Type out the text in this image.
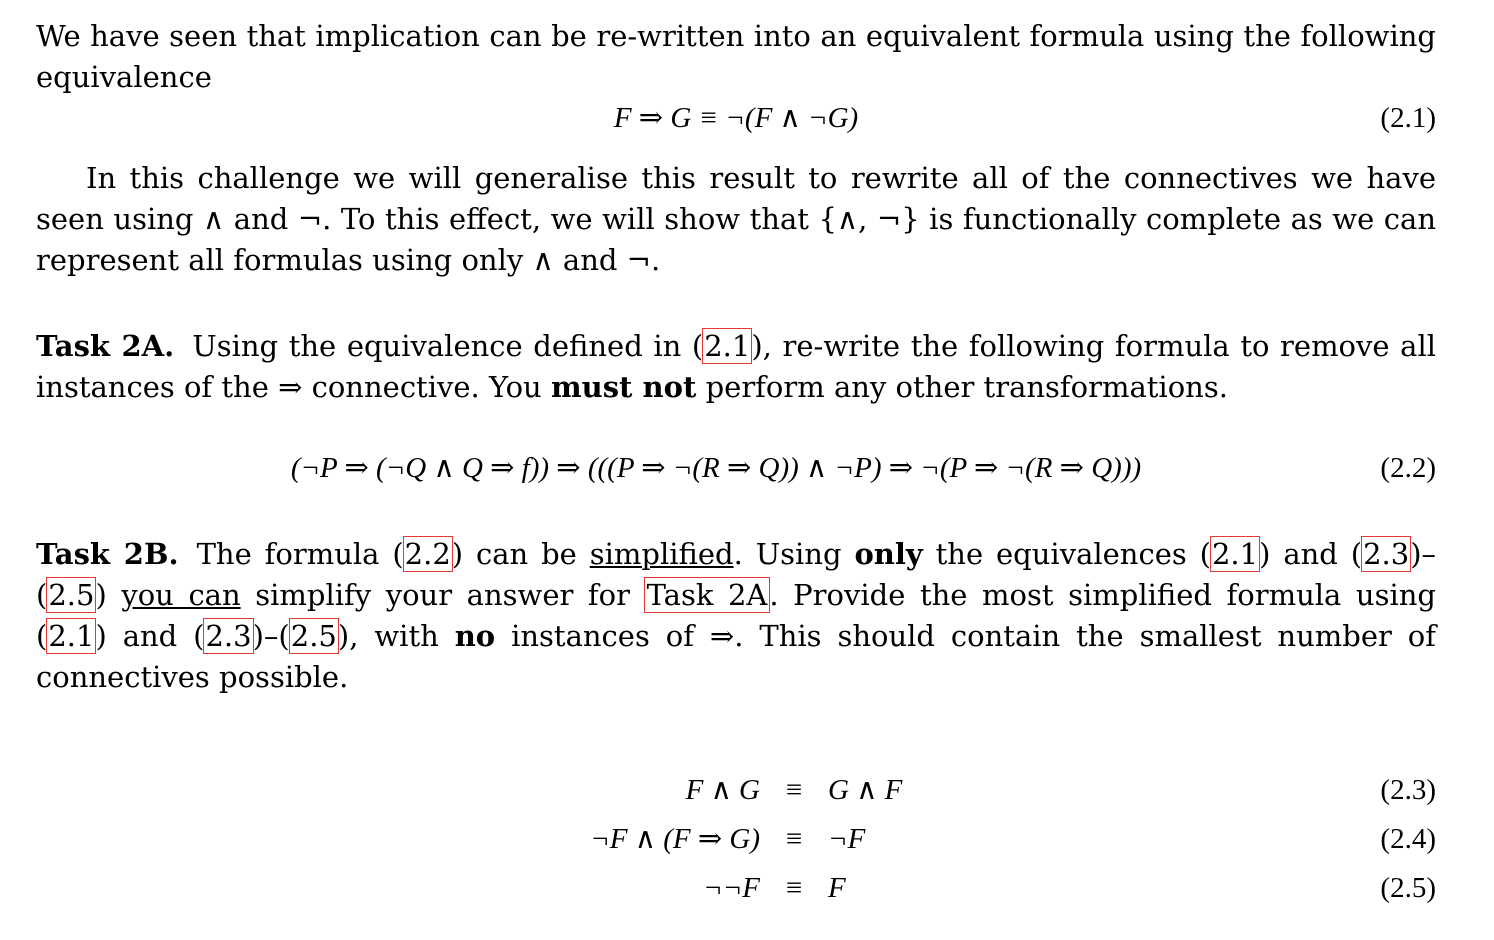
We have seen that implication can be re-written into an equivalent formula using the following equivalence

F ⇒ G ≡ ¬(F ∧ ¬G)	(2.1)

In this challenge we will generalise this result to rewrite all of the connectives we have seen using ∧ and ¬. To this effect, we will show that {∧, ¬} is functionally complete as we can represent all formulas using only ∧ and ¬.

Task 2A. Using the equivalence defined in (2.1), re-write the following formula to remove all instances of the ⇒ connective. You must not perform any other transformations.

(¬P ⇒ (¬Q ∧ Q ⇒ f)) ⇒ (((P ⇒ ¬(R ⇒ Q)) ∧ ¬P) ⇒ ¬(P ⇒ ¬(R ⇒ Q)))	(2.2)

Task 2B. The formula (2.2) can be simplified. Using only the equivalences (2.1) and (2.3)–(2.5) you can simplify your answer for Task 2A. Provide the most simplified formula using (2.1) and (2.3)–(2.5), with no instances of ⇒. This should contain the smallest number of connectives possible.

F ∧ G ≡ G ∧ F	(2.3)
¬F ∧ (F ⇒ G) ≡ ¬F	(2.4)
¬¬F ≡ F	(2.5)
